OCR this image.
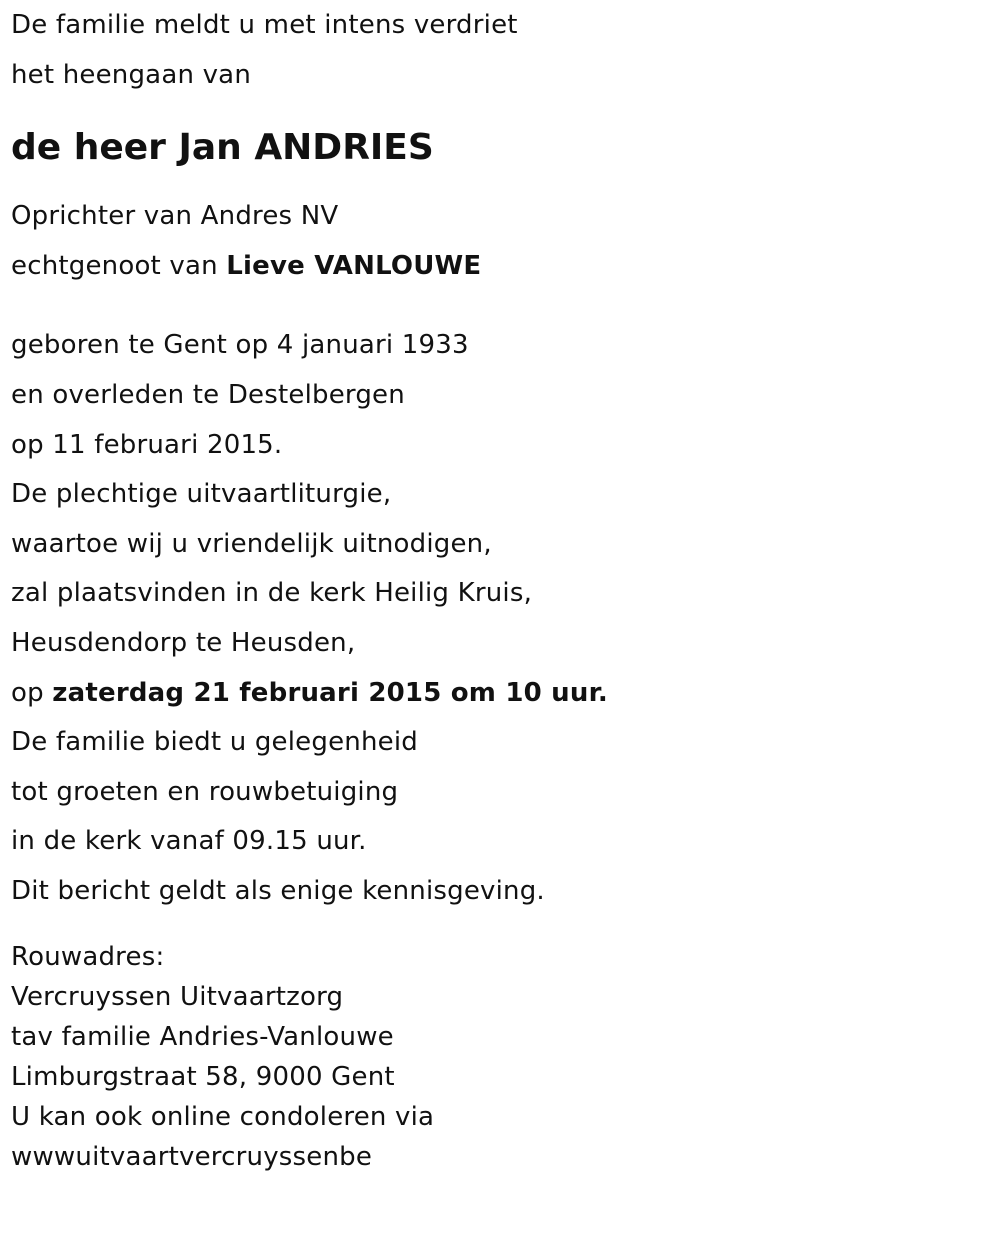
De familie meldt u met intens verdriet
het heengaan van
de heer Jan ANDRIES
Oprichter van Andres NV
echtgenoot van Lieve VANLOUWE
geboren te Gent op 4 januari 1933
en overleden te Destelbergen
op 11 februari 2015.
De plechtige uitvaartliturgie,
waartoe wij u vriendelijk uitnodigen,
zal plaatsvinden in de kerk Heilig Kruis,
Heusdendorp te Heusden,
op zaterdag 21 februari 2015 om 10 uur.
De familie biedt u gelegenheid
tot groeten en rouwbetuiging
in de kerk vanaf 09.15 uur.
Dit bericht geldt als enige kennisgeving.
Rouwadres:
Vercruyssen Uitvaartzorg
tav familie Andries-Vanlouwe
Limburgstraat 58, 9000 Gent
U kan ook online condoleren via
wwwuitvaartvercruyssenbe
